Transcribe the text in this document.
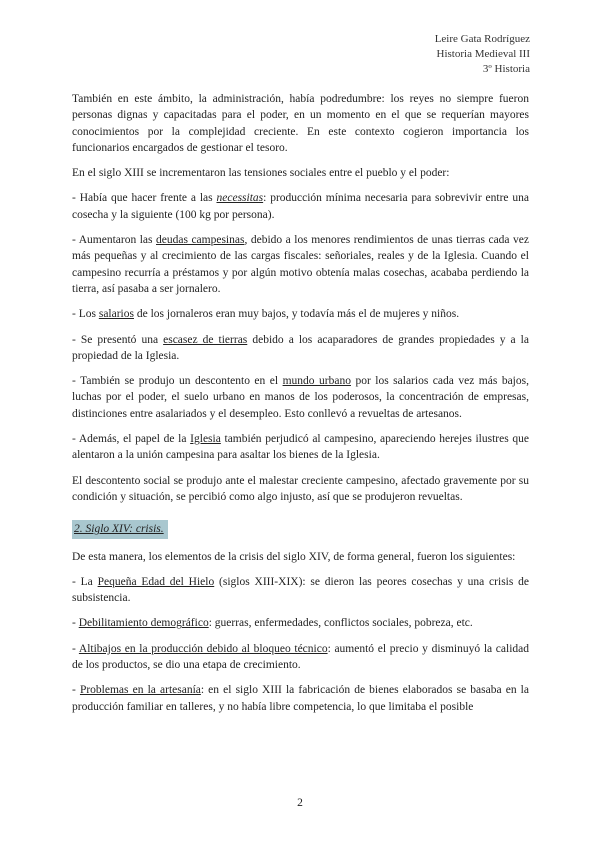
Leire Gata Rodríguez
Historia Medieval III
3º Historia

También en este ámbito, la administración, había podredumbre: los reyes no siempre fueron personas dignas y capacitadas para el poder, en un momento en el que se requerían mayores conocimientos por la complejidad creciente. En este contexto cogieron importancia los funcionarios encargados de gestionar el tesoro.

En el siglo XIII se incrementaron las tensiones sociales entre el pueblo y el poder:

- Había que hacer frente a las necessitas: producción mínima necesaria para sobrevivir entre una cosecha y la siguiente (100 kg por persona).

- Aumentaron las deudas campesinas, debido a los menores rendimientos de unas tierras cada vez más pequeñas y al crecimiento de las cargas fiscales: señoriales, reales y de la Iglesia. Cuando el campesino recurría a préstamos y por algún motivo obtenía malas cosechas, acababa perdiendo la tierra, así pasaba a ser jornalero.

- Los salarios de los jornaleros eran muy bajos, y todavía más el de mujeres y niños.

- Se presentó una escasez de tierras debido a los acaparadores de grandes propiedades y a la propiedad de la Iglesia.

- También se produjo un descontento en el mundo urbano por los salarios cada vez más bajos, luchas por el poder, el suelo urbano en manos de los poderosos, la concentración de empresas, distinciones entre asalariados y el desempleo. Esto conllevó a revueltas de artesanos.

- Además, el papel de la Iglesia también perjudicó al campesino, apareciendo herejes ilustres que alentaron a la unión campesina para asaltar los bienes de la Iglesia.

El descontento social se produjo ante el malestar creciente campesino, afectado gravemente por su condición y situación, se percibió como algo injusto, así que se produjeron revueltas.

2. Siglo XIV: crisis.

De esta manera, los elementos de la crisis del siglo XIV, de forma general, fueron los siguientes:

- La Pequeña Edad del Hielo (siglos XIII-XIX): se dieron las peores cosechas y una crisis de subsistencia.

- Debilitamiento demográfico: guerras, enfermedades, conflictos sociales, pobreza, etc.

- Altibajos en la producción debido al bloqueo técnico: aumentó el precio y disminuyó la calidad de los productos, se dio una etapa de crecimiento.

- Problemas en la artesanía: en el siglo XIII la fabricación de bienes elaborados se basaba en la producción familiar en talleres, y no había libre competencia, lo que limitaba el posible

2
